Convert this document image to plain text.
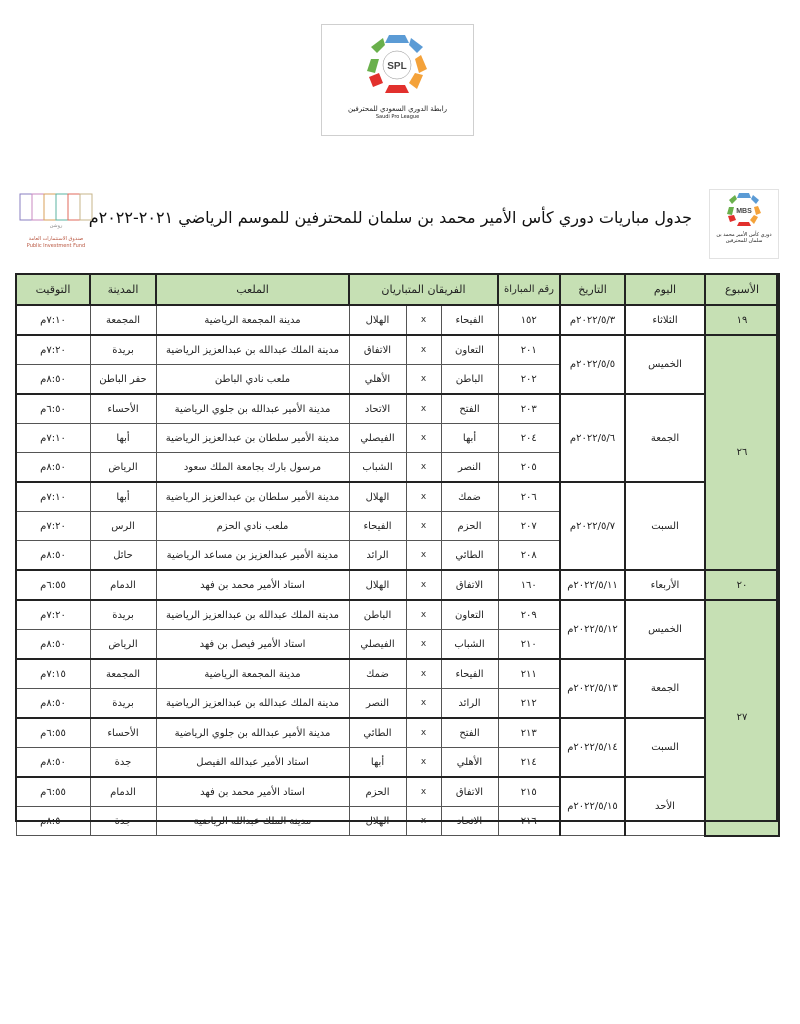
SPL
رابطة الدوري السعودي للمحترفين
Saudi Pro League
روشن
صندوق الاستثمارات العامة
Public Investment Fund
MBS
دوري كأس الأمير محمد بن سلمان للمحترفين
جدول مباريات دوري كأس الأمير محمد بن سلمان للمحترفين للموسم الرياضي ٢٠٢١-٢٠٢٢م
الأسبوع	اليوم	التاريخ	رقم المباراة	الفريقان المتباريان			الملعب	المدينة	التوقيت
١٩	الثلاثاء	٢٠٢٢/٥/٣م	١٥٢	الفيحاء	x	الهلال	مدينة المجمعة الرياضية	المجمعة	٧:١٠م
٢٦	الخميس	٢٠٢٢/٥/٥م	٢٠١	التعاون	x	الاتفاق	مدينة الملك عبدالله بن عبدالعزيز الرياضية	بريدة	٧:٢٠م
			٢٠٢	الباطن	x	الأهلي	ملعب نادي الباطن	حفر الباطن	٨:٥٠م
	الجمعة	٢٠٢٢/٥/٦م	٢٠٣	الفتح	x	الاتحاد	مدينة الأمير عبدالله بن جلوي الرياضية	الأحساء	٦:٥٠م
			٢٠٤	أبها	x	الفيصلي	مدينة الأمير سلطان بن عبدالعزيز الرياضية	أبها	٧:١٠م
			٢٠٥	النصر	x	الشباب	مرسول بارك بجامعة الملك سعود	الرياض	٨:٥٠م
	السبت	٢٠٢٢/٥/٧م	٢٠٦	ضمك	x	الهلال	مدينة الأمير سلطان بن عبدالعزيز الرياضية	أبها	٧:١٠م
			٢٠٧	الحزم	x	الفيحاء	ملعب نادي الحزم	الرس	٧:٢٠م
			٢٠٨	الطائي	x	الرائد	مدينة الأمير عبدالعزيز بن مساعد الرياضية	حائل	٨:٥٠م
٢٠	الأربعاء	٢٠٢٢/٥/١١م	١٦٠	الاتفاق	x	الهلال	استاد الأمير محمد بن فهد	الدمام	٦:٥٥م
٢٧	الخميس	٢٠٢٢/٥/١٢م	٢٠٩	التعاون	x	الباطن	مدينة الملك عبدالله بن عبدالعزيز الرياضية	بريدة	٧:٢٠م
			٢١٠	الشباب	x	الفيصلي	استاد الأمير فيصل بن فهد	الرياض	٨:٥٠م
	الجمعة	٢٠٢٢/٥/١٣م	٢١١	الفيحاء	x	ضمك	مدينة المجمعة الرياضية	المجمعة	٧:١٥م
			٢١٢	الرائد	x	النصر	مدينة الملك عبدالله بن عبدالعزيز الرياضية	بريدة	٨:٥٠م
	السبت	٢٠٢٢/٥/١٤م	٢١٣	الفتح	x	الطائي	مدينة الأمير عبدالله بن جلوي الرياضية	الأحساء	٦:٥٥م
			٢١٤	الأهلي	x	أبها	استاد الأمير عبدالله الفيصل	جدة	٨:٥٠م
	الأحد	٢٠٢٢/٥/١٥م	٢١٥	الاتفاق	x	الحزم	استاد الأمير محمد بن فهد	الدمام	٦:٥٥م
			٢١٦	الاتحاد	x	الهلال	مدينة الملك عبدالله الرياضية	جدة	٨:٥٠م
